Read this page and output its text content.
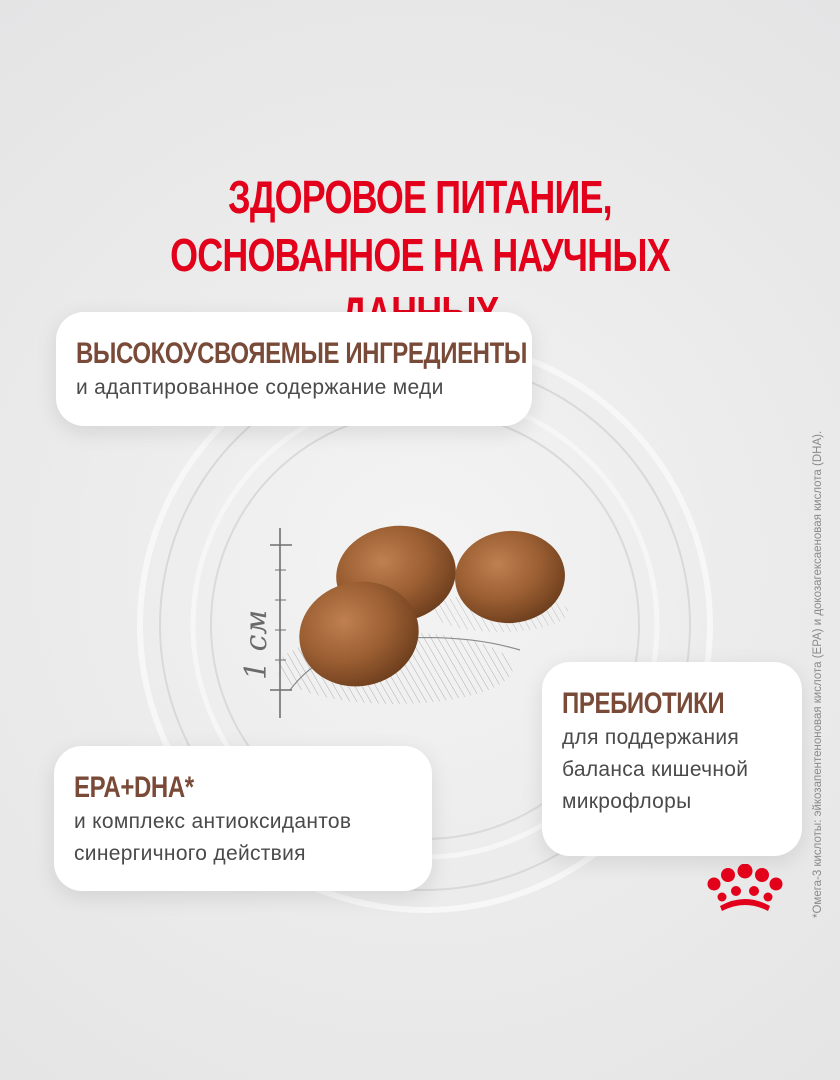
1 см
ЗДОРОВОЕ ПИТАНИЕ,
ОСНОВАННОЕ НА НАУЧНЫХ
ВЫСОКОУСВОЯЕМЫЕ ИНГРЕДИЕНТЫ
и адаптированное содержание меди
ПРЕБИОТИКИ
для поддержания
баланса кишечной
микрофлоры
EPA+DHA*
и комплекс антиоксидантов
синергичного действия	*Омега-3 кислоты: эйкозапентеноновая кислота (EPA) и докозагексаеновая кислота (DHA).
